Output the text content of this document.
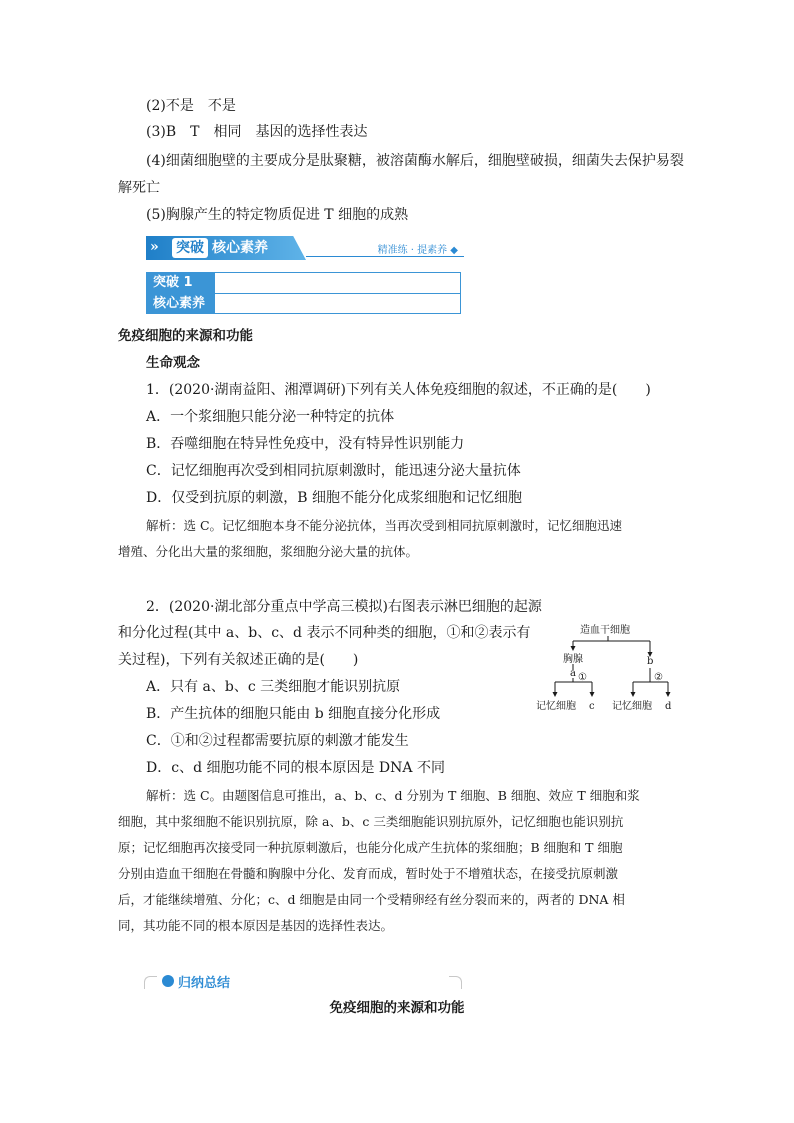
(2)不是　不是
(3)B　T　相同　基因的选择性表达
(4)细菌细胞壁的主要成分是肽聚糖，被溶菌酶水解后，细胞壁破损，细菌失去保护易裂
解死亡
(5)胸腺产生的特定物质促进 T 细胞的成熟
» 突破 核心素养	精准练 · 提素养 ◆
突破 1
核心素养
免疫细胞的来源和功能
生命观念
1．(2020·湖南益阳、湘潭调研)下列有关人体免疫细胞的叙述，不正确的是(　　)
A．一个浆细胞只能分泌一种特定的抗体
B．吞噬细胞在特异性免疫中，没有特异性识别能力
C．记忆细胞再次受到相同抗原刺激时，能迅速分泌大量抗体
D．仅受到抗原的刺激，B 细胞不能分化成浆细胞和记忆细胞
解析：选 C。记忆细胞本身不能分泌抗体，当再次受到相同抗原刺激时，记忆细胞迅速
增殖、分化出大量的浆细胞，浆细胞分泌大量的抗体。
2．(2020·湖北部分重点中学高三模拟)右图表示淋巴细胞的起源
和分化过程(其中 a、b、c、d 表示不同种类的细胞，①和②表示有
关过程)，下列有关叙述正确的是(　　)
A．只有 a、b、c 三类细胞才能识别抗原
B．产生抗体的细胞只能由 b 细胞直接分化形成
C．①和②过程都需要抗原的刺激才能发生
D．c、d 细胞功能不同的根本原因是 DNA 不同
解析：选 C。由题图信息可推出，a、b、c、d 分别为 T 细胞、B 细胞、效应 T 细胞和浆
细胞，其中浆细胞不能识别抗原，除 a、b、c 三类细胞能识别抗原外，记忆细胞也能识别抗
原；记忆细胞再次接受同一种抗原刺激后，也能分化成产生抗体的浆细胞；B 细胞和 T 细胞
分别由造血干细胞在骨髓和胸腺中分化、发育而成，暂时处于不增殖状态，在接受抗原刺激
后，才能继续增殖、分化；c、d 细胞是由同一个受精卵经有丝分裂而来的，两者的 DNA 相
同，其功能不同的根本原因是基因的选择性表达。
造血干细胞
胸腺
a
b
①	②
记忆细胞 c 记忆细胞 d
归纳总结
免疫细胞的来源和功能
